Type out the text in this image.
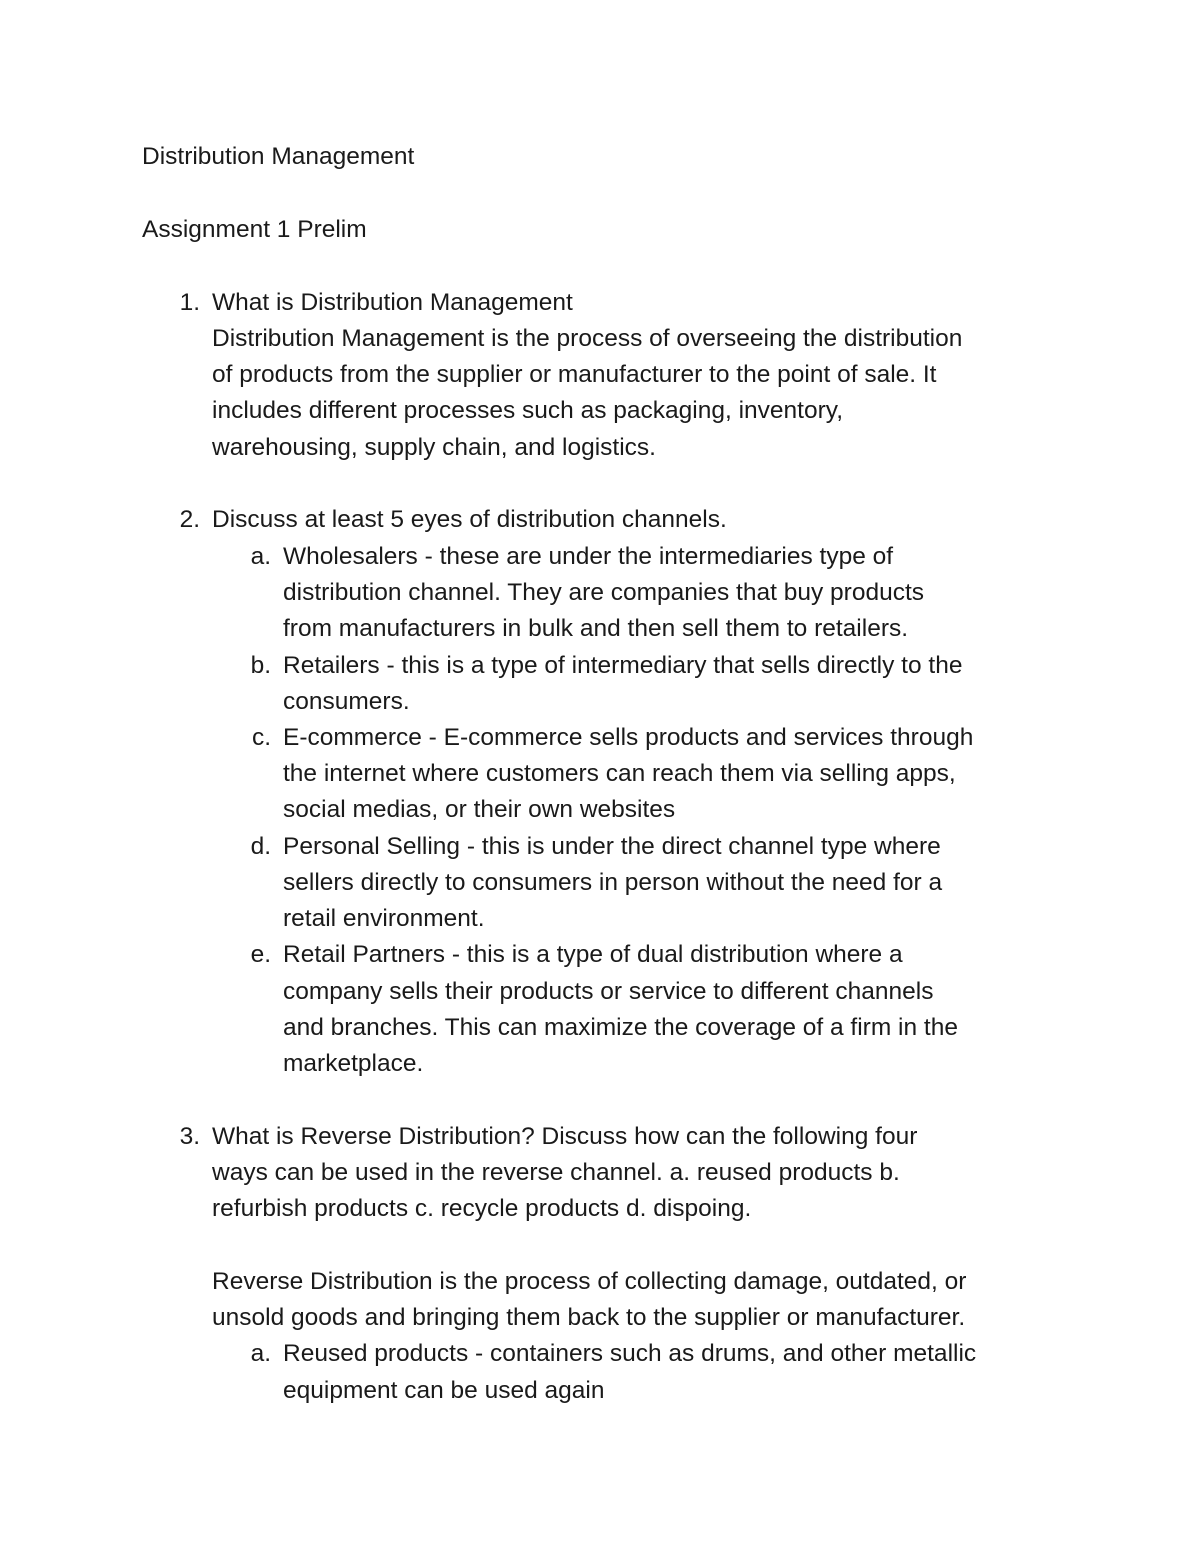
Distribution Management

Assignment 1 Prelim

1. What is Distribution Management

Distribution Management is the process of overseeing the distribution

of products from the supplier or manufacturer to the point of sale. It

includes different processes such as packaging, inventory,

warehousing, supply chain, and logistics.

2. Discuss at least 5 eyes of distribution channels.

a. Wholesalers - these are under the intermediaries type of

distribution channel. They are companies that buy products

from manufacturers in bulk and then sell them to retailers.

b. Retailers - this is a type of intermediary that sells directly to the

consumers.

c. E-commerce - E-commerce sells products and services through

the internet where customers can reach them via selling apps,

social medias, or their own websites

d. Personal Selling - this is under the direct channel type where

sellers directly to consumers in person without the need for a

retail environment.

e. Retail Partners - this is a type of dual distribution where a

company sells their products or service to different channels

and branches. This can maximize the coverage of a firm in the

marketplace.

3. What is Reverse Distribution? Discuss how can the following four

ways can be used in the reverse channel. a. reused products b.

refurbish products c. recycle products d. dispoing.

Reverse Distribution is the process of collecting damage, outdated, or

unsold goods and bringing them back to the supplier or manufacturer.

a. Reused products - containers such as drums, and other metallic

equipment can be used again
